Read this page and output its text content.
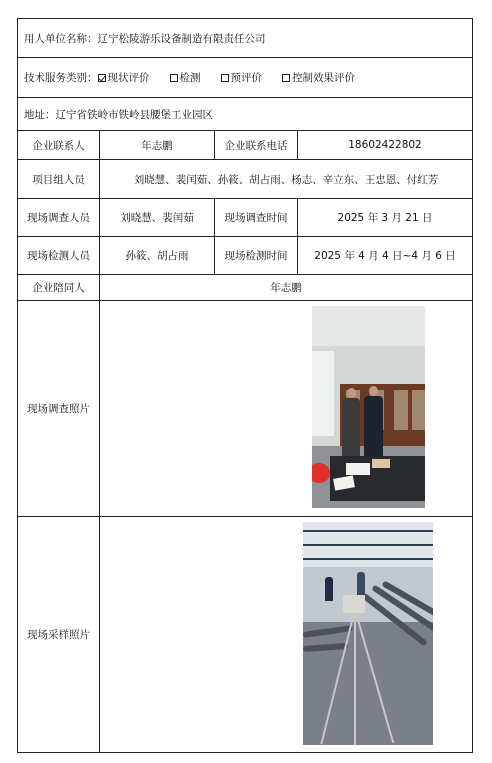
用人单位名称： 辽宁松陵游乐设备制造有限责任公司
技术服务类别： 现状评价	检测	预评价	控制效果评价
地址： 辽宁省铁岭市铁岭县腰堡工业园区
企业联系人	年志鹏	企业联系电话	18602422802
项目组人员	刘晓慧、裴闰茹、孙筱、胡占雨、杨志、辛立东、王忠恩、付红芳
现场调查人员	刘晓慧、裴闰茹	现场调查时间	2025 年 3 月 21 日
现场检测人员	孙筱、胡占雨	现场检测时间	2025 年 4 月 4 日~4 月 6 日
企业陪同人	年志鹏
现场调查照片
现场采样照片
